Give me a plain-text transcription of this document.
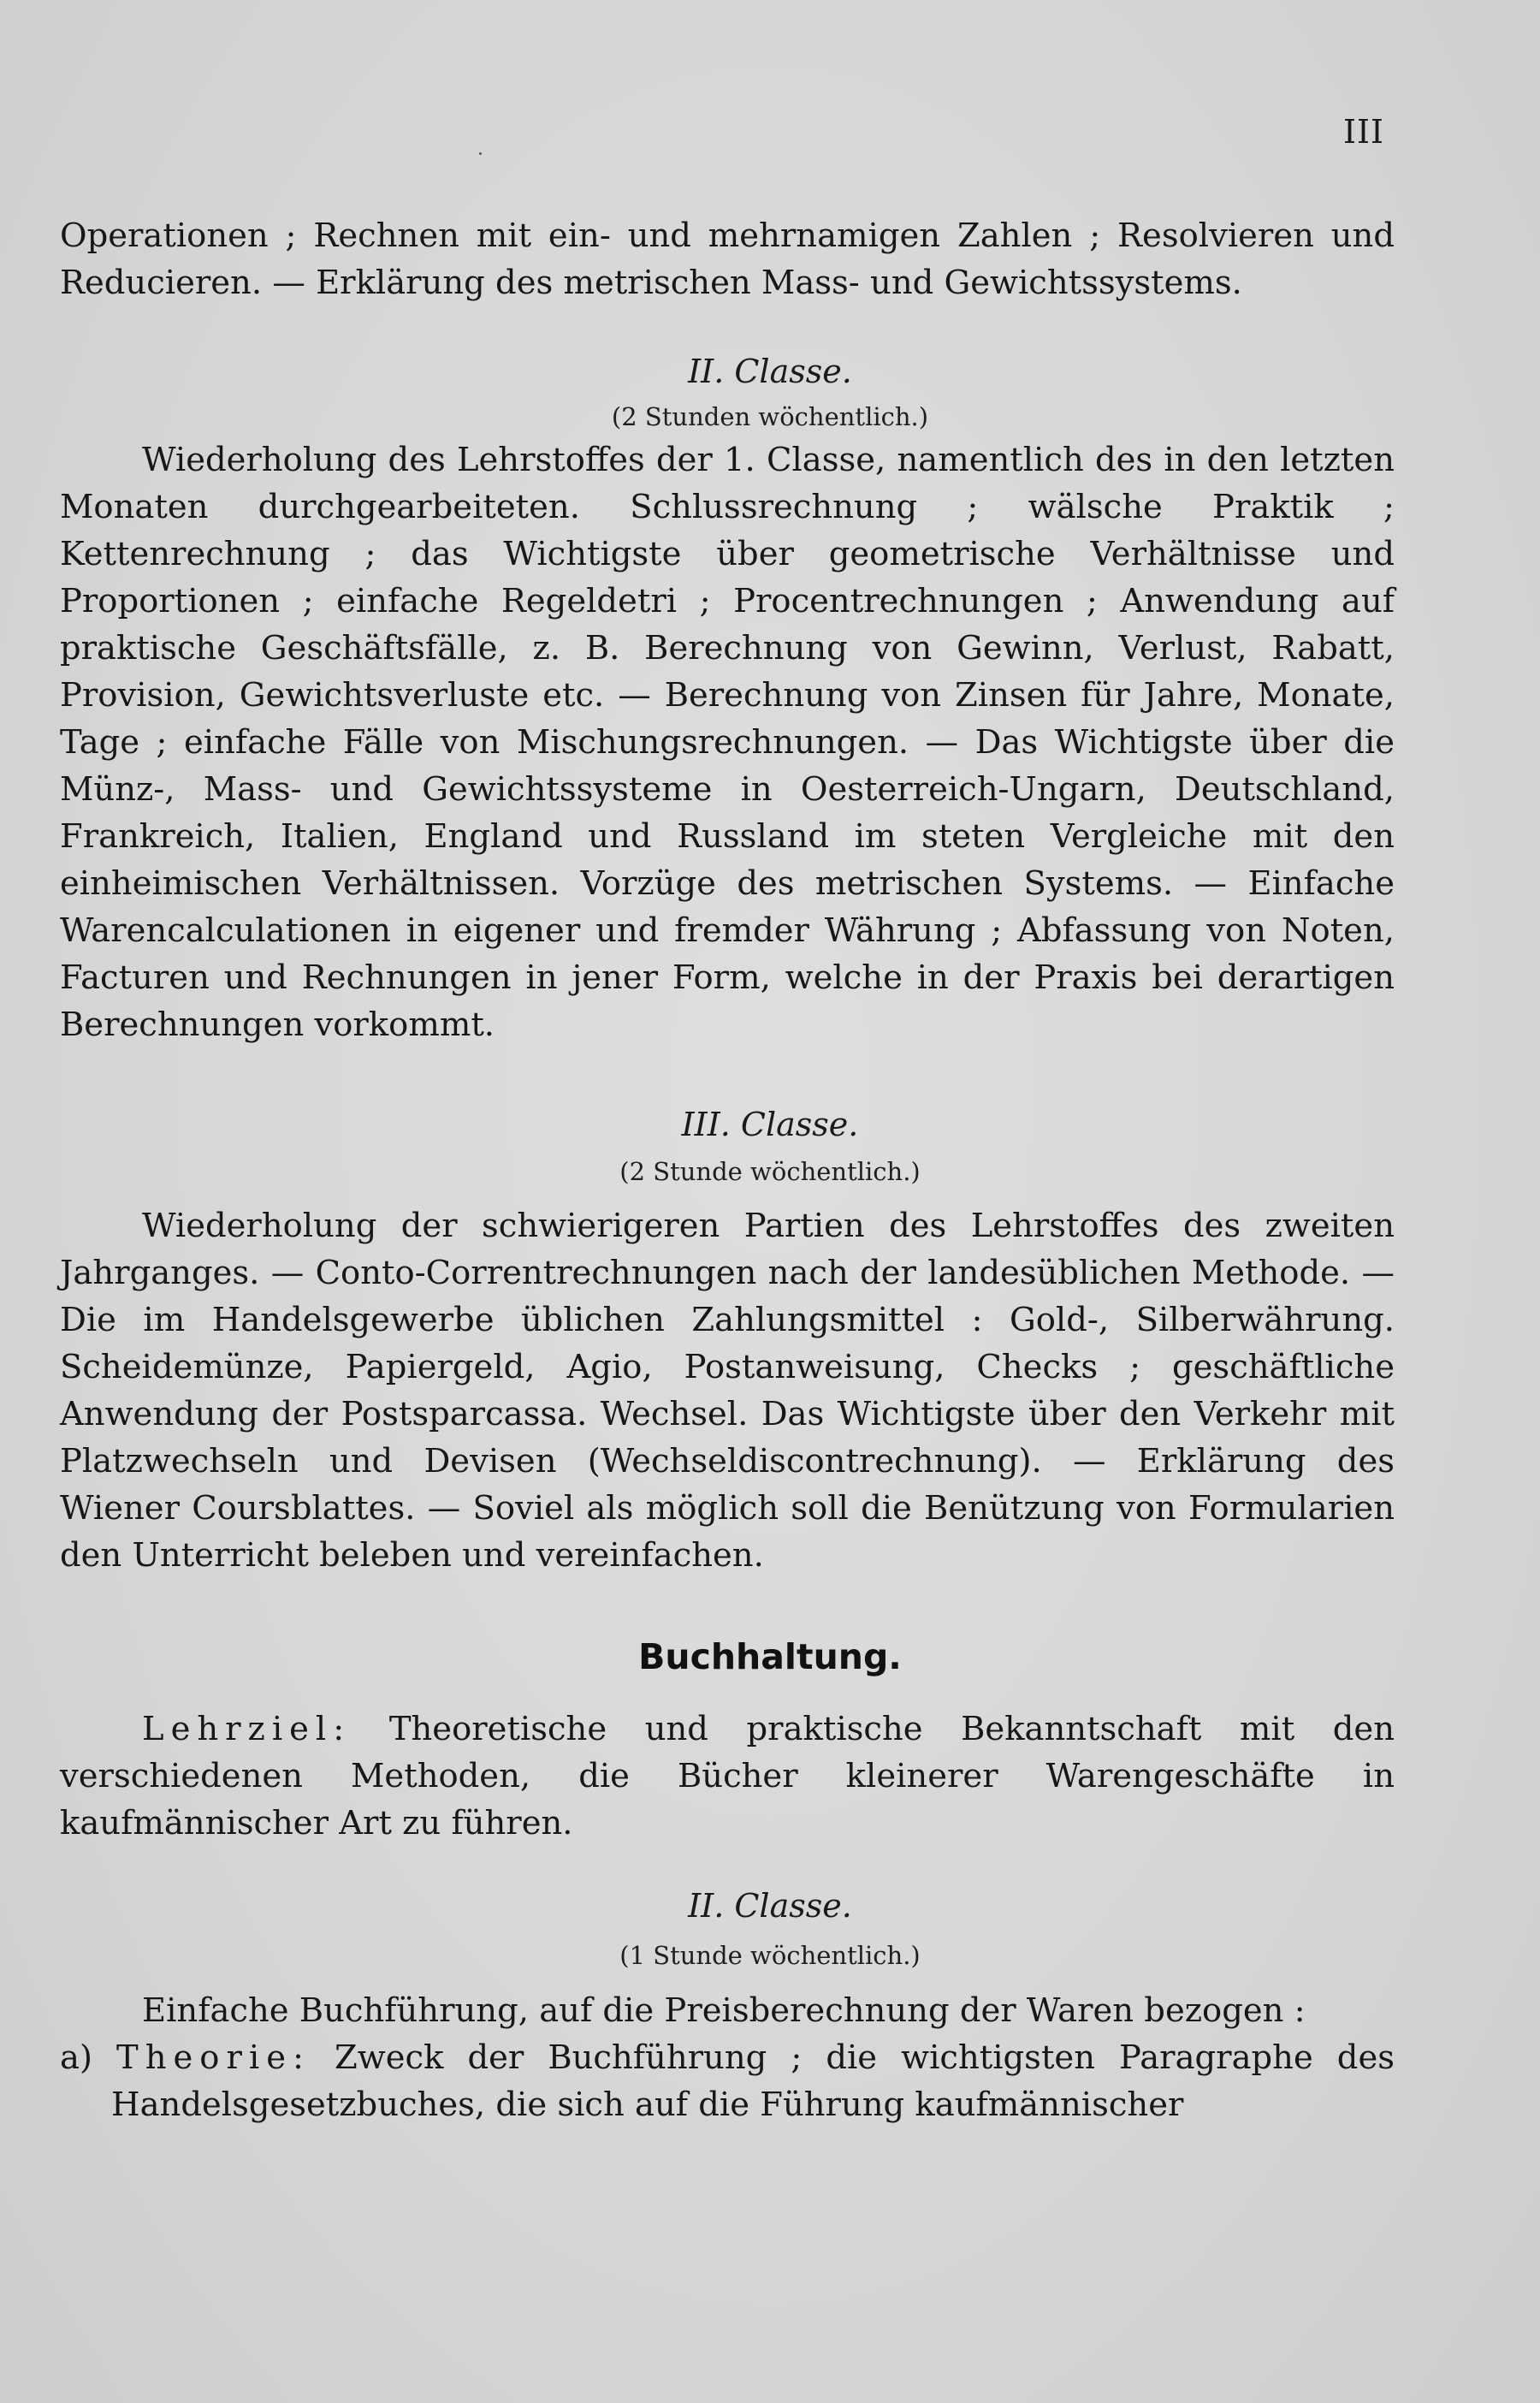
III

Operationen ; Rechnen mit ein- und mehrnamigen Zahlen ; Resolvieren und Reducieren. — Erklärung des metrischen Mass- und Gewichtssystems.

II. Classe.
(2 Stunden wöchentlich.)

Wiederholung des Lehrstoffes der 1. Classe, namentlich des in den letzten Monaten durchgearbeiteten. Schlussrechnung ; wälsche Praktik ; Kettenrechnung ; das Wichtigste über geometrische Verhältnisse und Proportionen ; einfache Regeldetri ; Procentrechnungen ; Anwendung auf praktische Geschäftsfälle, z. B. Berechnung von Gewinn, Verlust, Rabatt, Provision, Gewichtsverluste etc. — Berechnung von Zinsen für Jahre, Monate, Tage ; einfache Fälle von Mischungsrechnungen. — Das Wichtigste über die Münz-, Mass- und Gewichtssysteme in Oesterreich-Ungarn, Deutschland, Frankreich, Italien, England und Russland im steten Vergleiche mit den einheimischen Verhältnissen. Vorzüge des metrischen Systems. — Einfache Warencalculationen in eigener und fremder Währung ; Abfassung von Noten, Facturen und Rechnungen in jener Form, welche in der Praxis bei derartigen Berechnungen vorkommt.

III. Classe.
(2 Stunde wöchentlich.)

Wiederholung der schwierigeren Partien des Lehrstoffes des zweiten Jahrganges. — Conto-Correntrechnungen nach der landesüblichen Methode. — Die im Handelsgewerbe üblichen Zahlungsmittel : Gold-, Silberwährung. Scheidemünze, Papiergeld, Agio, Postanweisung, Checks ; geschäftliche Anwendung der Postsparcassa. Wechsel. Das Wichtigste über den Verkehr mit Platzwechseln und Devisen (Wechseldiscontrechnung). — Erklärung des Wiener Coursblattes. — Soviel als möglich soll die Benützung von Formularien den Unterricht beleben und vereinfachen.

Buchhaltung.

Lehrziel: Theoretische und praktische Bekanntschaft mit den verschiedenen Methoden, die Bücher kleinerer Warengeschäfte in kaufmännischer Art zu führen.

II. Classe.
(1 Stunde wöchentlich.)

Einfache Buchführung, auf die Preisberechnung der Waren bezogen :

a) Theorie: Zweck der Buchführung ; die wichtigsten Paragraphe des Handelsgesetzbuches, die sich auf die Führung kaufmännischer
